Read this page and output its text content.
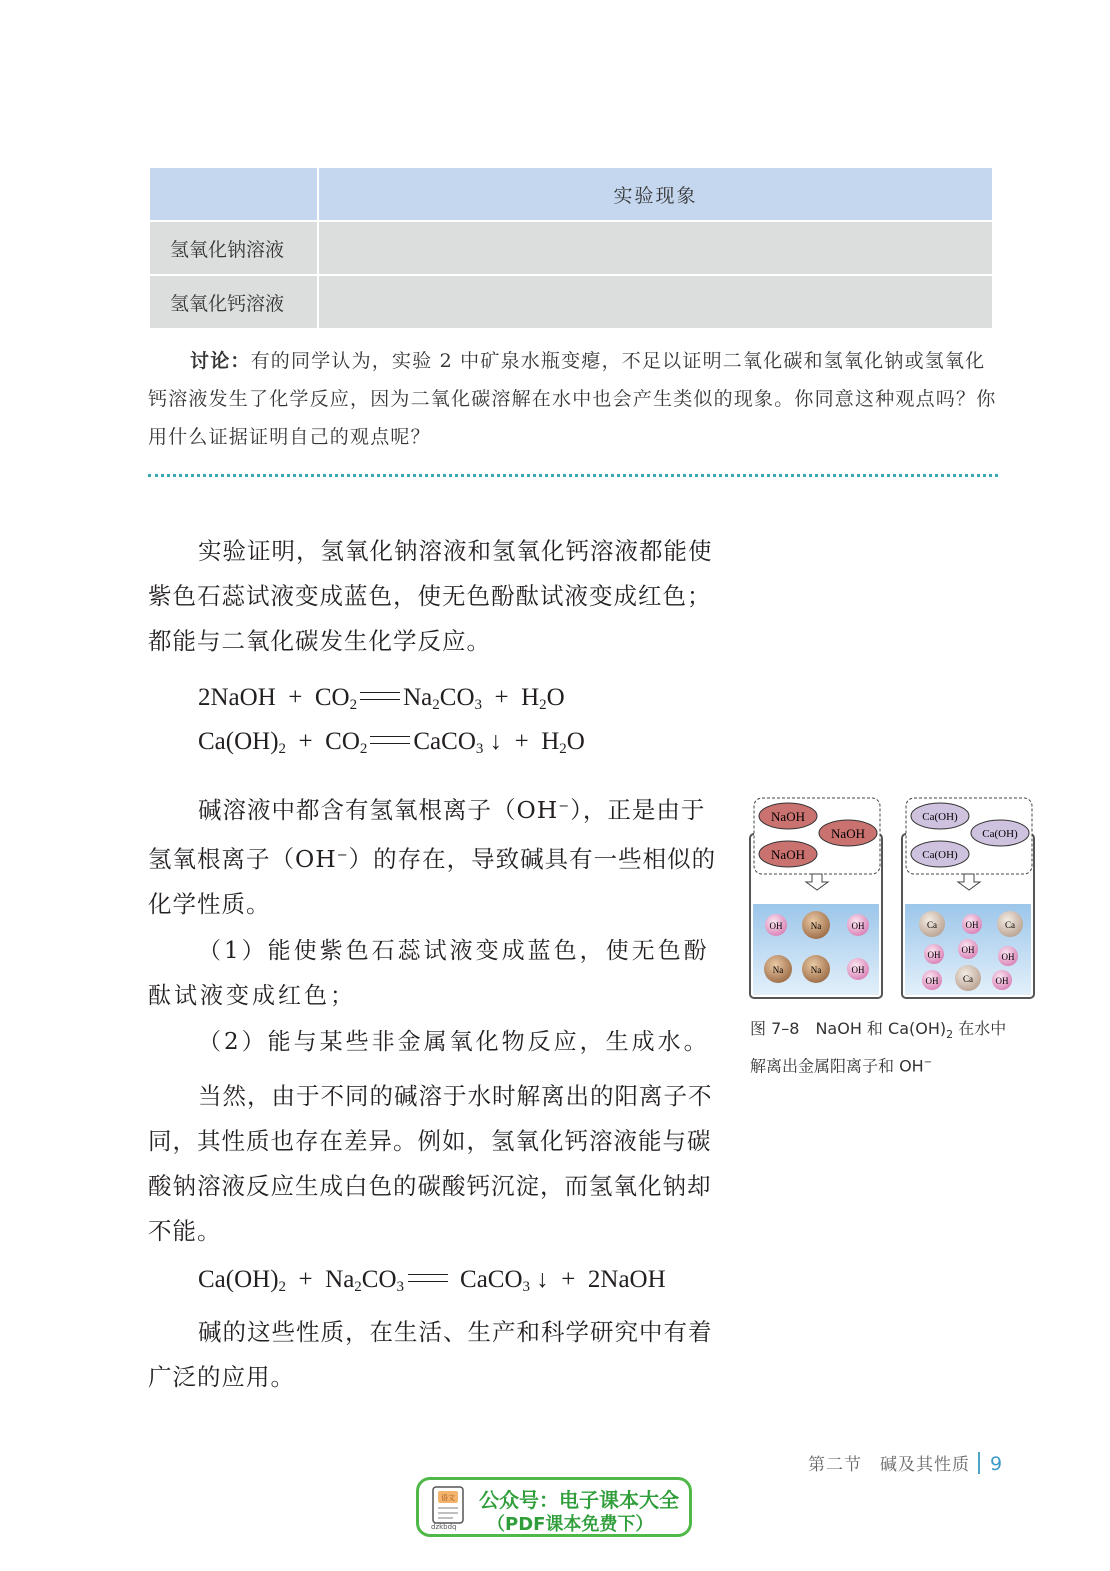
	实验现象
氢氧化钠溶液	
氢氧化钙溶液	
讨论：有的同学认为，实验 2 中矿泉水瓶变瘪，不足以证明二氧化碳和氢氧化钠或氢氧化钙溶液发生了化学反应，因为二氧化碳溶解在水中也会产生类似的现象。你同意这种观点吗？你用什么证据证明自己的观点呢？
实验证明，氢氧化钠溶液和氢氧化钙溶液都能使紫色石蕊试液变成蓝色，使无色酚酞试液变成红色；都能与二氧化碳发生化学反应。
2NaOH + $CO_2$ $Na_2CO_3 + H_2O$
$Ca(OH)_2 + CO_2$ CaCO$_3$ ↓ + $H_2O$
碱溶液中都含有氢氧根离子（OH−），正是由于氢氧根离子（OH−）的存在，导致碱具有一些相似的化学性质。
（1）能使紫色石蕊试液变成蓝色，使无色酚酞试液变成红色；
（2）能与某些非金属氧化物反应，生成水。
当然，由于不同的碱溶于水时解离出的阳离子不同，其性质也存在差异。例如，氢氧化钙溶液能与碳酸钠溶液反应生成白色的碳酸钙沉淀，而氢氧化钠却不能。
$Ca(OH)_2 + Na_2CO_3$ CaCO$_3$ ↓ + 2NaOH
碱的这些性质，在生活、生产和科学研究中有着广泛的应用。
NaOH
NaOH
NaOH
OH	Na	OH
Na	Na	OH
Ca(OH)
Ca(OH)
Ca(OH)
Ca	OH	Ca
OH OH
OH
OH	Ca	OH
图 7–8　NaOH 和 $Ca(OH)_2$ 在水中
解离出金属阳离子和 OH−
第二节　碱及其性质 9
语文
dzkbdq
公众号：电子课本大全
（PDF课本免费下）
